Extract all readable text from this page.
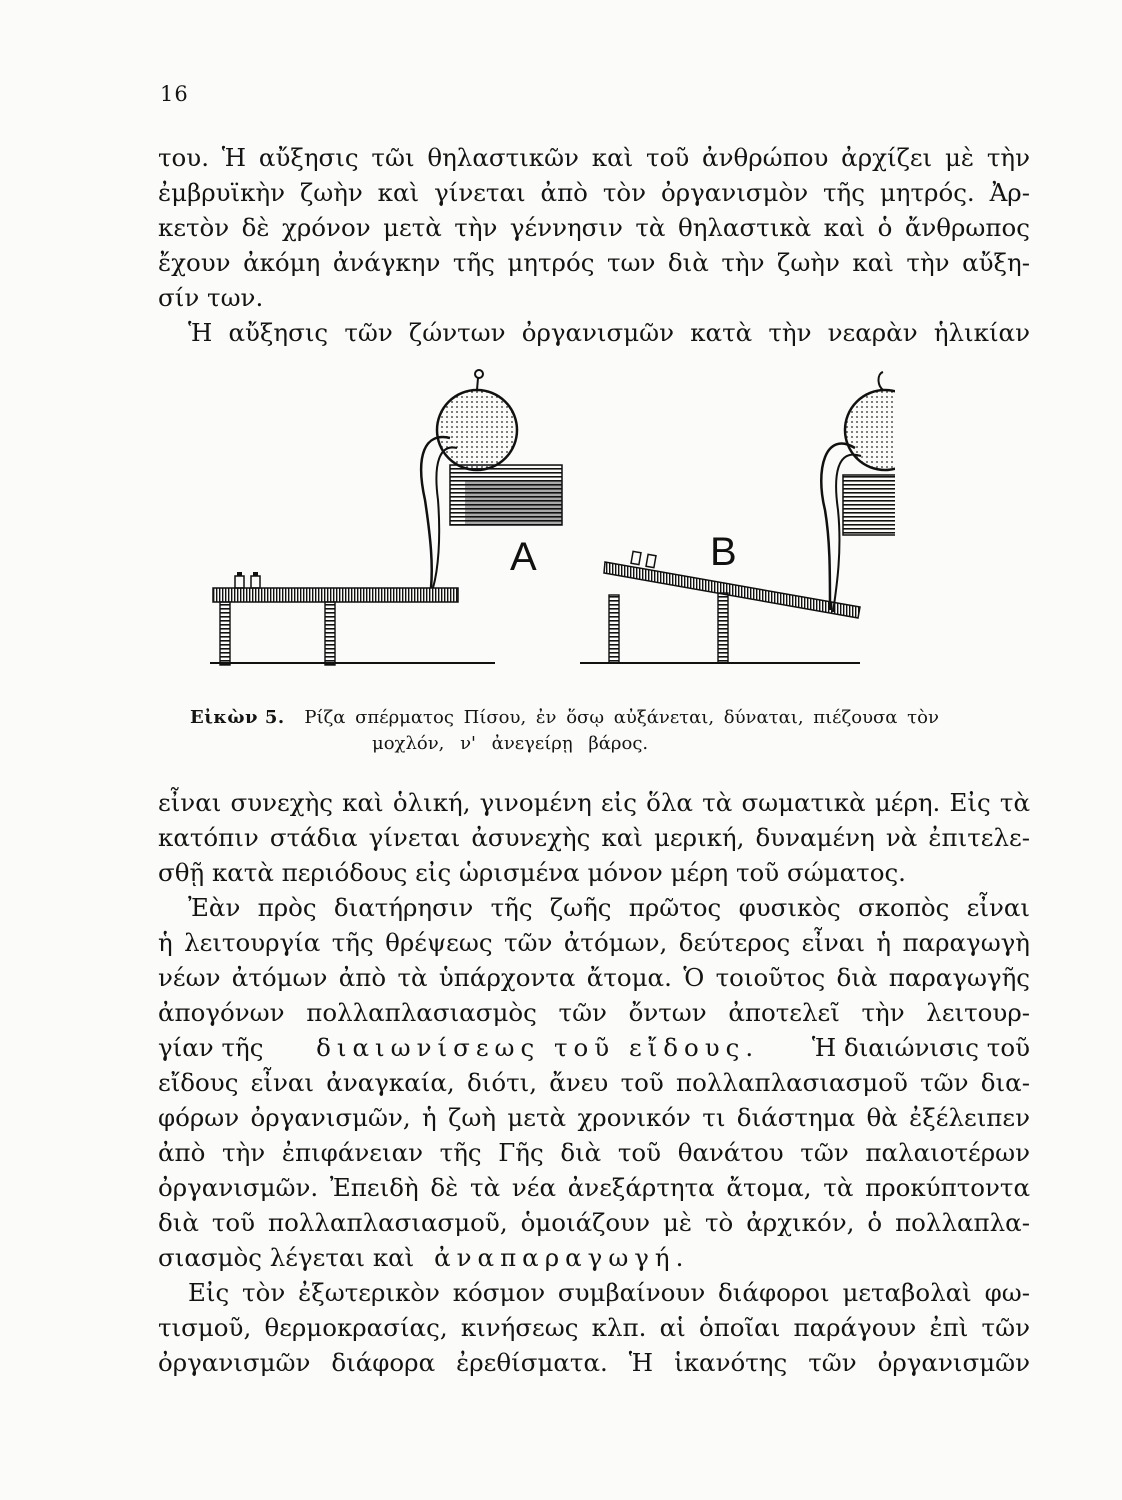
16
του. Ἡ αὔξησις τῶι θηλαστικῶν καὶ τοῦ ἀνθρώπου ἀρχίζει μὲ τὴν
ἐμβρυϊκὴν ζωὴν καὶ γίνεται ἀπὸ τὸν ὀργανισμὸν τῆς μητρός. Ἀρ-
κετὸν δὲ χρόνον μετὰ τὴν γέννησιν τὰ θηλαστικὰ καὶ ὁ ἄνθρωπος
ἔχουν ἀκόμη ἀνάγκην τῆς μητρός των διὰ τὴν ζωὴν καὶ τὴν αὔξη-
σίν των.
Ἡ αὔξησις τῶν ζώντων ὀργανισμῶν κατὰ τὴν νεαρὰν ἡλικίαν
A	B
Εἰκὼν 5. Ρίζα σπέρματος Πίσου, ἐν ὅσῳ αὐξάνεται, δύναται, πιέζουσα τὸν
μοχλόν, ν' ἀνεγείρῃ βάρος.
εἶναι συνεχὴς καὶ ὁλική, γινομένη εἰς ὅλα τὰ σωματικὰ μέρη. Εἰς τὰ
κατόπιν στάδια γίνεται ἀσυνεχὴς καὶ μερική, δυναμένη νὰ ἐπιτελε-
σθῇ κατὰ περιόδους εἰς ὡρισμένα μόνον μέρη τοῦ σώματος.
Ἐὰν πρὸς διατήρησιν τῆς ζωῆς πρῶτος φυσικὸς σκοπὸς εἶναι
ἡ λειτουργία τῆς θρέψεως τῶν ἀτόμων, δεύτερος εἶναι ἡ παραγωγὴ
νέων ἀτόμων ἀπὸ τὰ ὑπάρχοντα ἄτομα. Ὁ τοιοῦτος διὰ παραγωγῆς
ἀπογόνων πολλαπλασιασμὸς τῶν ὄντων ἀποτελεῖ τὴν λειτουρ-
γίαν τῆς διαιωνίσεως τοῦ εἴδους. Ἡ διαιώνισις τοῦ
εἴδους εἶναι ἀναγκαία, διότι, ἄνευ τοῦ πολλαπλασιασμοῦ τῶν δια-
φόρων ὀργανισμῶν, ἡ ζωὴ μετὰ χρονικόν τι διάστημα θὰ ἐξέλειπεν
ἀπὸ τὴν ἐπιφάνειαν τῆς Γῆς διὰ τοῦ θανάτου τῶν παλαιοτέρων
ὀργανισμῶν. Ἐπειδὴ δὲ τὰ νέα ἀνεξάρτητα ἄτομα, τὰ προκύπτοντα
διὰ τοῦ πολλαπλασιασμοῦ, ὁμοιάζουν μὲ τὸ ἀρχικόν, ὁ πολλαπλα-
σιασμὸς λέγεται καὶ ἀναπαραγωγή.
Εἰς τὸν ἐξωτερικὸν κόσμον συμβαίνουν διάφοροι μεταβολαὶ φω-
τισμοῦ, θερμοκρασίας, κινήσεως κλπ. αἱ ὁποῖαι παράγουν ἐπὶ τῶν
ὀργανισμῶν διάφορα ἐρεθίσματα. Ἡ ἱκανότης τῶν ὀργανισμῶν
